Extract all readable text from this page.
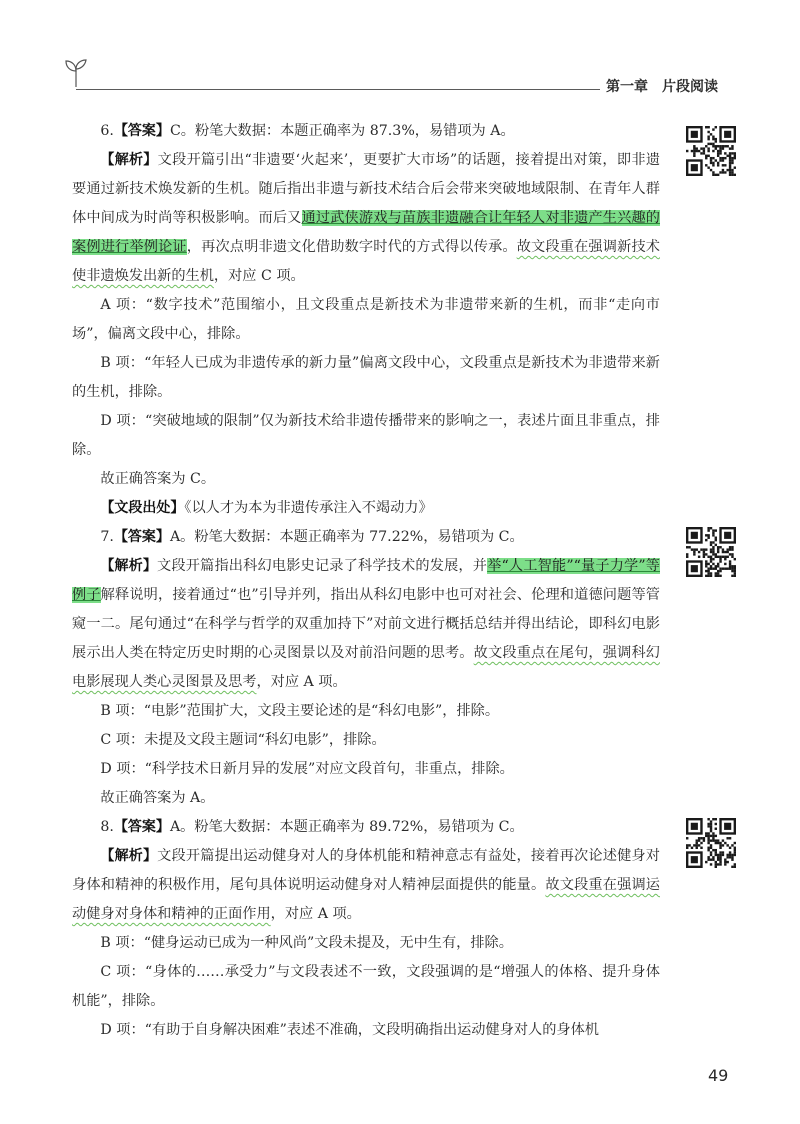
第一章 片段阅读

6.【答案】C。粉笔大数据：本题正确率为 87.3%，易错项为 A。

【解析】文段开篇引出“非遗要‘火起来’，更要扩大市场”的话题，接着提出对策，即非遗要通过新技术焕发新的生机。随后指出非遗与新技术结合后会带来突破地域限制、在青年人群体中间成为时尚等积极影响。而后又通过武侠游戏与苗族非遗融合让年轻人对非遗产生兴趣的案例进行举例论证，再次点明非遗文化借助数字时代的方式得以传承。故文段重在强调新技术使非遗焕发出新的生机，对应 C 项。

A 项：“数字技术”范围缩小，且文段重点是新技术为非遗带来新的生机，而非“走向市场”，偏离文段中心，排除。

B 项：“年轻人已成为非遗传承的新力量”偏离文段中心，文段重点是新技术为非遗带来新的生机，排除。

D 项：“突破地域的限制”仅为新技术给非遗传播带来的影响之一，表述片面且非重点，排除。

故正确答案为 C。

【文段出处】《以人才为本为非遗传承注入不竭动力》

7.【答案】A。粉笔大数据：本题正确率为 77.22%，易错项为 C。

【解析】文段开篇指出科幻电影史记录了科学技术的发展，并举“人工智能”“量子力学”等例子解释说明，接着通过“也”引导并列，指出从科幻电影中也可对社会、伦理和道德问题等管窥一二。尾句通过“在科学与哲学的双重加持下”对前文进行概括总结并得出结论，即科幻电影展示出人类在特定历史时期的心灵图景以及对前沿问题的思考。故文段重点在尾句，强调科幻电影展现人类心灵图景及思考，对应 A 项。

B 项：“电影”范围扩大，文段主要论述的是“科幻电影”，排除。

C 项：未提及文段主题词“科幻电影”，排除。

D 项：“科学技术日新月异的发展”对应文段首句，非重点，排除。

故正确答案为 A。

8.【答案】A。粉笔大数据：本题正确率为 89.72%，易错项为 C。

【解析】文段开篇提出运动健身对人的身体机能和精神意志有益处，接着再次论述健身对身体和精神的积极作用，尾句具体说明运动健身对人精神层面提供的能量。故文段重在强调运动健身对身体和精神的正面作用，对应 A 项。

B 项：“健身运动已成为一种风尚”文段未提及，无中生有，排除。

C 项：“身体的……承受力”与文段表述不一致，文段强调的是“增强人的体格、提升身体机能”，排除。

D 项：“有助于自身解决困难”表述不准确，文段明确指出运动健身对人的身体机

49
